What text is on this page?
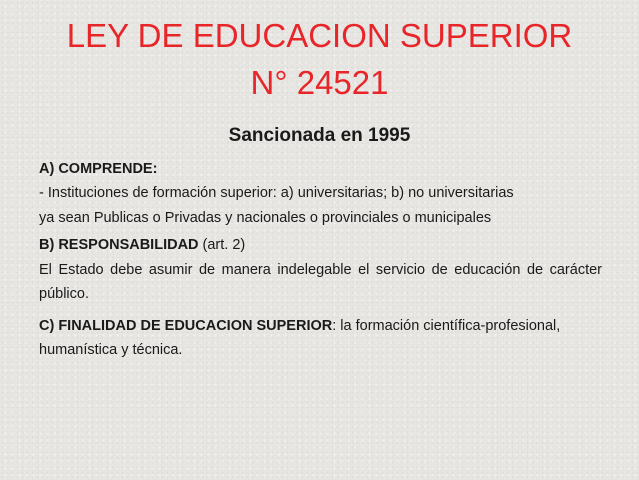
LEY DE EDUCACION SUPERIOR
N° 24521
Sancionada en 1995

A) COMPRENDE:

- Instituciones de formación superior: a) universitarias; b) no universitarias

ya sean Publicas o Privadas y nacionales o provinciales o municipales

B) RESPONSABILIDAD (art. 2)

El Estado debe asumir de manera indelegable el servicio de educación de carácter público.

C) FINALIDAD DE EDUCACION SUPERIOR: la formación científica-profesional, humanística y técnica.
